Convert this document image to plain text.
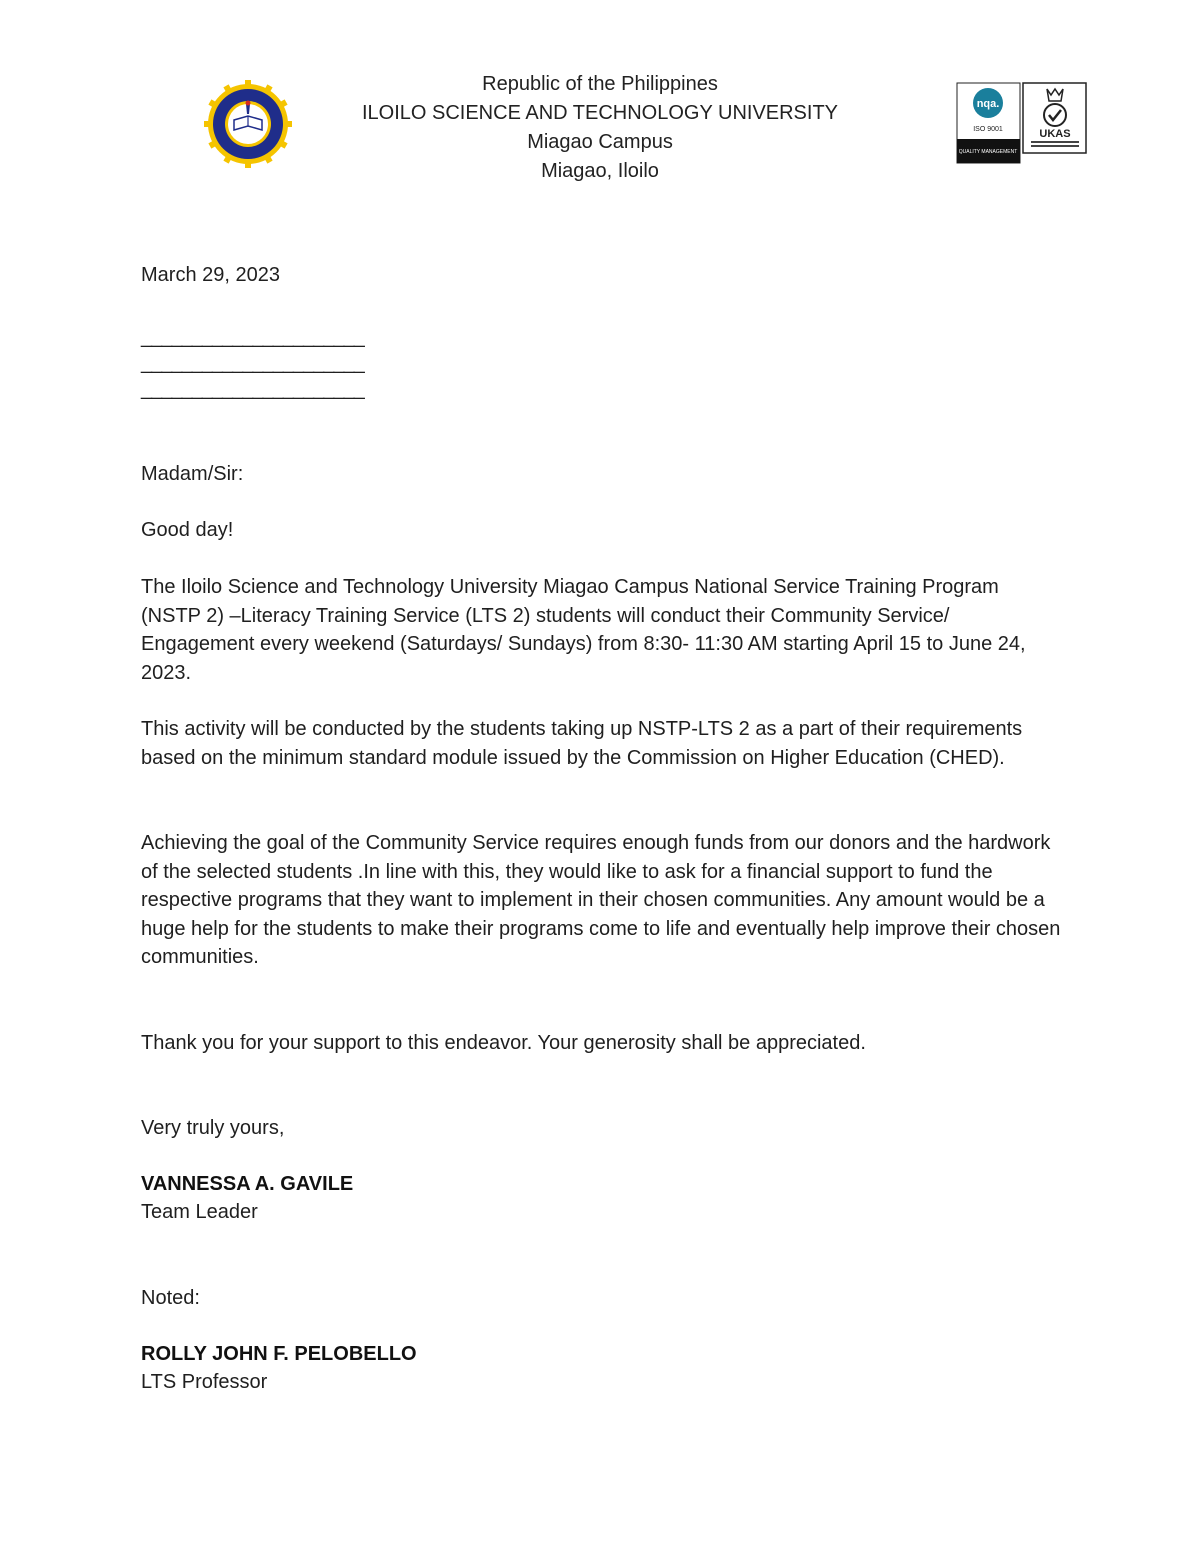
Republic of the Philippines
ILOILO SCIENCE AND TECHNOLOGY UNIVERSITY
Miagao Campus
Miagao, Iloilo
nqa.
ISO 9001
QUALITY MANAGEMENT
UKAS
March 29, 2023
______________________
______________________
______________________
Madam/Sir:
Good day!
The Iloilo Science and Technology University Miagao Campus National Service Training Program (NSTP 2) –Literacy Training Service (LTS 2) students will conduct their Community Service/ Engagement every weekend (Saturdays/ Sundays) from 8:30- 11:30 AM starting April 15 to June 24, 2023.
This activity will be conducted by the students taking up NSTP-LTS 2 as a part of their requirements based on the minimum standard module issued by the Commission on Higher Education (CHED).
Achieving the goal of the Community Service requires enough funds from our donors and the hardwork of the selected students .In line with this, they would like to ask for a financial support to fund the respective programs that they want to implement in their chosen communities. Any amount would be a huge help for the students to make their programs come to life and eventually help improve their chosen communities.
Thank you for your support to this endeavor. Your generosity shall be appreciated.
Very truly yours,
VANNESSA A. GAVILE
Team Leader
Noted:
ROLLY JOHN F. PELOBELLO
LTS Professor
